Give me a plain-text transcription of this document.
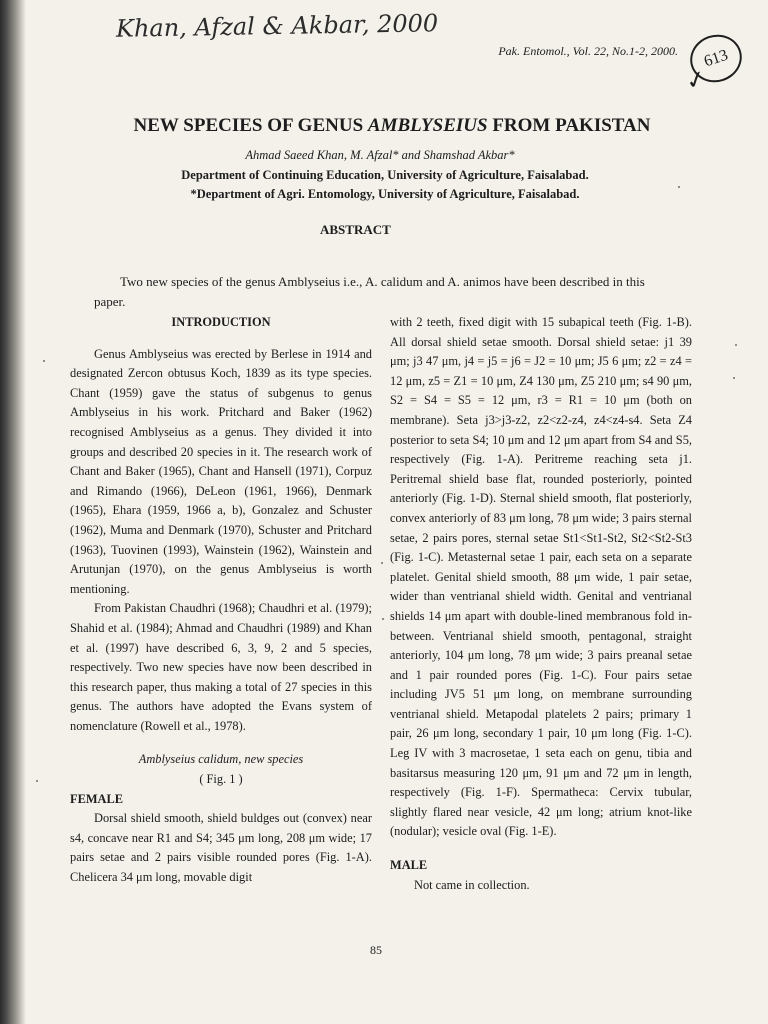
Khan, Afzal & Akbar, 2000
Pak. Entomol., Vol. 22, No.1-2, 2000.	613
✓
NEW SPECIES OF GENUS AMBLYSEIUS FROM PAKISTAN
Ahmad Saeed Khan, M. Afzal* and Shamshad Akbar*
Department of Continuing Education, University of Agriculture, Faisalabad.
*Department of Agri. Entomology, University of Agriculture, Faisalabad.
ABSTRACT

Two new species of the genus Amblyseius i.e., A. calidum and A. animos have been described in this paper.

INTRODUCTION

Genus Amblyseius was erected by Berlese in 1914 and designated Zercon obtusus Koch, 1839 as its type species. Chant (1959) gave the status of subgenus to genus Amblyseius in his work. Pritchard and Baker (1962) recognised Amblyseius as a genus. They divided it into groups and described 20 species in it. The research work of Chant and Baker (1965), Chant and Hansell (1971), Corpuz and Rimando (1966), DeLeon (1961, 1966), Denmark (1965), Ehara (1959, 1966 a, b), Gonzalez and Schuster (1962), Muma and Denmark (1970), Schuster and Pritchard (1963), Tuovinen (1993), Wainstein (1962), Wainstein and Arutunjan (1970), on the genus Amblyseius is worth mentioning.

From Pakistan Chaudhri (1968); Chaudhri et al. (1979); Shahid et al. (1984); Ahmad and Chaudhri (1989) and Khan et al. (1997) have described 6, 3, 9, 2 and 5 species, respectively. Two new species have now been described in this research paper, thus making a total of 27 species in this genus. The authors have adopted the Evans system of nomenclature (Rowell et al., 1978).

Amblyseius calidum, new species
( Fig. 1 )
FEMALE

Dorsal shield smooth, shield buldges out (convex) near s4, concave near R1 and S4; 345 μm long, 208 μm wide; 17 pairs setae and 2 pairs visible rounded pores (Fig. 1-A). Chelicera 34 μm long, movable digit

with 2 teeth, fixed digit with 15 subapical teeth (Fig. 1-B). All dorsal shield setae smooth. Dorsal shield setae: j1 39 μm; j3 47 μm, j4 = j5 = j6 = J2 = 10 μm; J5 6 μm; z2 = z4 = 12 μm, z5 = Z1 = 10 μm, Z4 130 μm, Z5 210 μm; s4 90 μm, S2 = S4 = S5 = 12 μm, r3 = R1 = 10 μm (both on membrane). Seta j3>j3-z2, z2<z2-z4, z4<z4-s4. Seta Z4 posterior to seta S4; 10 μm and 12 μm apart from S4 and S5, respectively (Fig. 1-A). Peritreme reaching seta j1. Peritremal shield base flat, rounded posteriorly, pointed anteriorly (Fig. 1-D). Sternal shield smooth, flat posteriorly, convex anteriorly of 83 μm long, 78 μm wide; 3 pairs sternal setae, 2 pairs pores, sternal setae St1<St1-St2, St2<St2-St3 (Fig. 1-C). Metasternal setae 1 pair, each seta on a separate platelet. Genital shield smooth, 88 μm wide, 1 pair setae, wider than ventrianal shield width. Genital and ventrianal shields 14 μm apart with double-lined membranous fold in-between. Ventrianal shield smooth, pentagonal, straight anteriorly, 104 μm long, 78 μm wide; 3 pairs preanal setae and 1 pair rounded pores (Fig. 1-C). Four pairs setae including JV5 51 μm long, on membrane surrounding ventrianal shield. Metapodal platelets 2 pairs; primary 1 pair, 26 μm long, secondary 1 pair, 10 μm long (Fig. 1-C). Leg IV with 3 macrosetae, 1 seta each on genu, tibia and basitarsus measuring 120 μm, 91 μm and 72 μm in length, respectively (Fig. 1-F). Spermatheca: Cervix tubular, slightly flared near vesicle, 42 μm long; atrium knot-like (nodular); vesicle oval (Fig. 1-E).

MALE

Not came in collection.

85
